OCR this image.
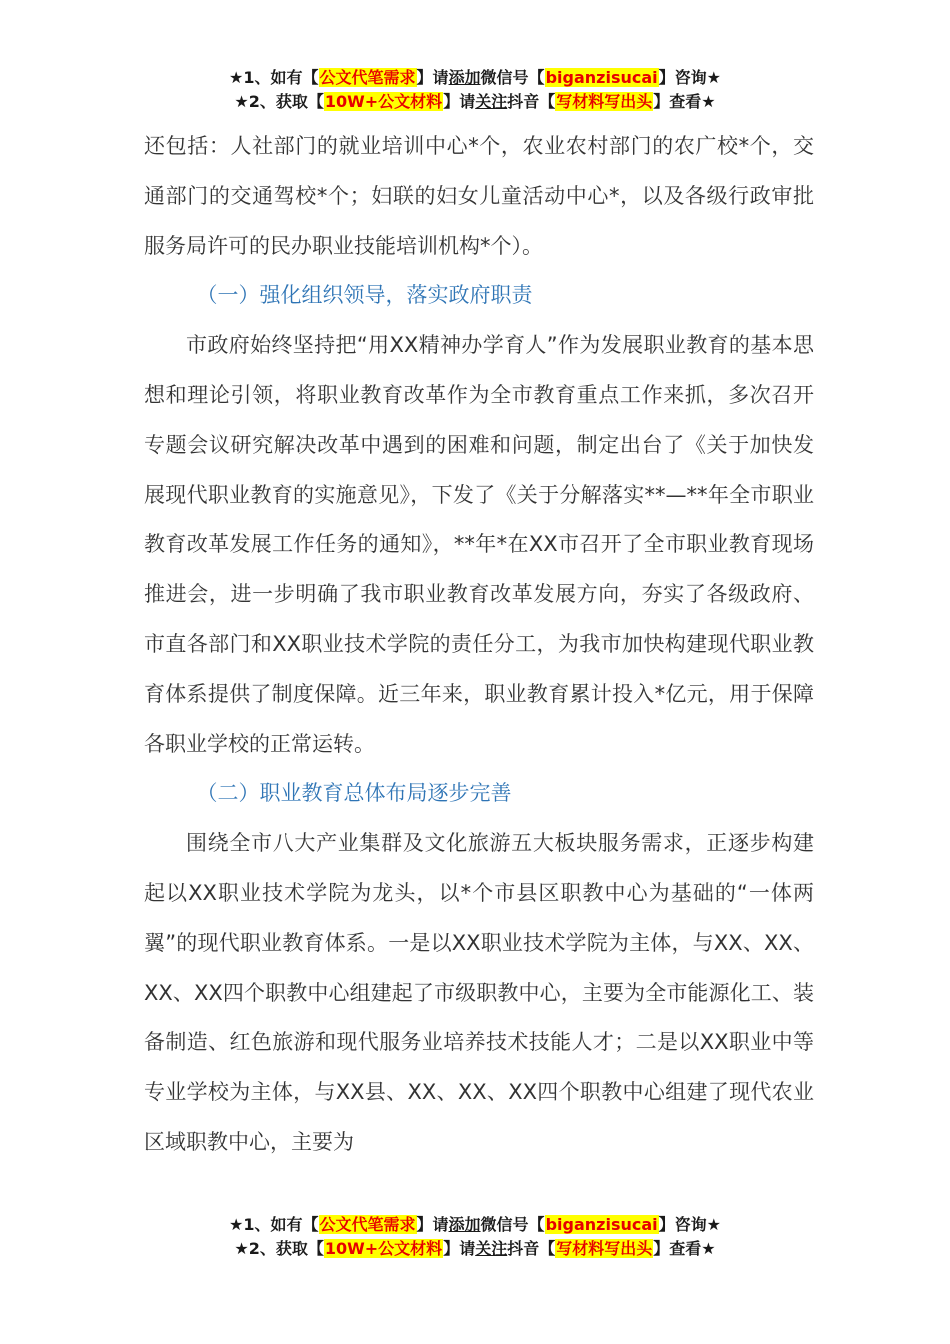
★1、如有【公文代笔需求】请添加微信号【biganzisucai】咨询★
★2、获取【10W+公文材料】请关注抖音【写材料写出头】查看★

还包括：人社部门的就业培训中心*个，农业农村部门的农广校*个，交通部门的交通驾校*个；妇联的妇女儿童活动中心*，以及各级行政审批服务局许可的民办职业技能培训机构*个）。

（一）强化组织领导，落实政府职责

市政府始终坚持把“用XX精神办学育人”作为发展职业教育的基本思想和理论引领，将职业教育改革作为全市教育重点工作来抓，多次召开专题会议研究解决改革中遇到的困难和问题，制定出台了《关于加快发展现代职业教育的实施意见》，下发了《关于分解落实**—**年全市职业教育改革发展工作任务的通知》，**年*在XX市召开了全市职业教育现场推进会，进一步明确了我市职业教育改革发展方向，夯实了各级政府、市直各部门和XX职业技术学院的责任分工，为我市加快构建现代职业教育体系提供了制度保障。近三年来，职业教育累计投入*亿元，用于保障各职业学校的正常运转。

（二）职业教育总体布局逐步完善

围绕全市八大产业集群及文化旅游五大板块服务需求，正逐步构建起以XX职业技术学院为龙头，以*个市县区职教中心为基础的“一体两翼”的现代职业教育体系。一是以XX职业技术学院为主体，与XX、XX、XX、XX四个职教中心组建起了市级职教中心，主要为全市能源化工、装备制造、红色旅游和现代服务业培养技术技能人才；二是以XX职业中等专业学校为主体，与XX县、XX、XX、XX四个职教中心组建了现代农业区域职教中心，主要为

★1、如有【公文代笔需求】请添加微信号【biganzisucai】咨询★
★2、获取【10W+公文材料】请关注抖音【写材料写出头】查看★
